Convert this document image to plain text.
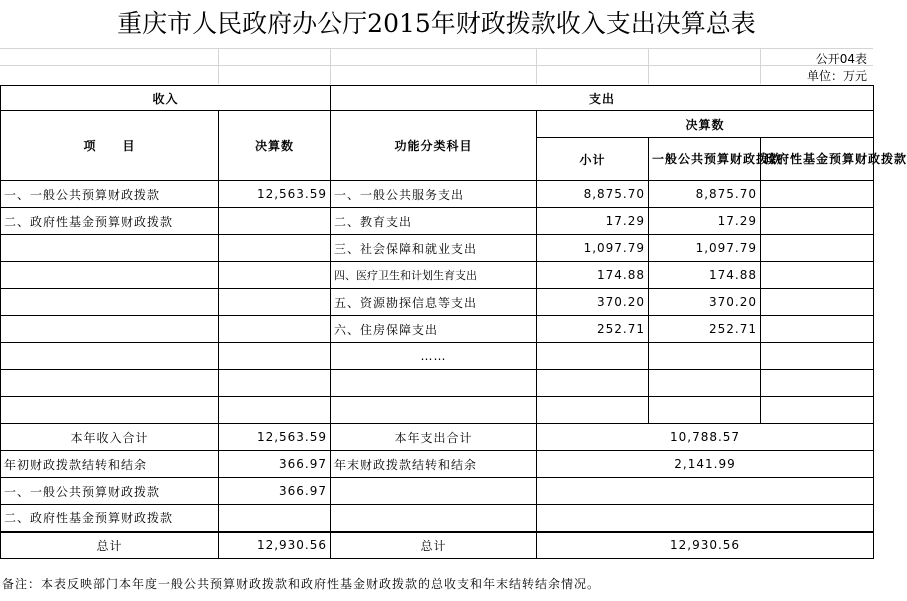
重庆市人民政府办公厅2015年财政拨款收入支出决算总表
公开04表
单位：万元
收入		支出			
项　　目	决算数	功能分类科目	决算数		
			小计	一般公共预算财政拨款	政府性基金预算财政拨款
一、一般公共预算财政拨款	12,563.59	一、一般公共服务支出	8,875.70	8,875.70	
二、政府性基金预算财政拨款		二、教育支出	17.29	17.29	
		三、社会保障和就业支出	1,097.79	1,097.79	
		四、医疗卫生和计划生育支出	174.88	174.88	
		五、资源勘探信息等支出	370.20	370.20	
		六、住房保障支出	252.71	252.71	
		……			

本年收入合计	12,563.59	本年支出合计	10,788.57		
年初财政拨款结转和结余	366.97	年末财政拨款结转和结余	2,141.99		
一、一般公共预算财政拨款	366.97				
二、政府性基金预算财政拨款					
总计	12,930.56	总计	12,930.56		
备注：本表反映部门本年度一般公共预算财政拨款和政府性基金财政拨款的总收支和年末结转结余情况。
